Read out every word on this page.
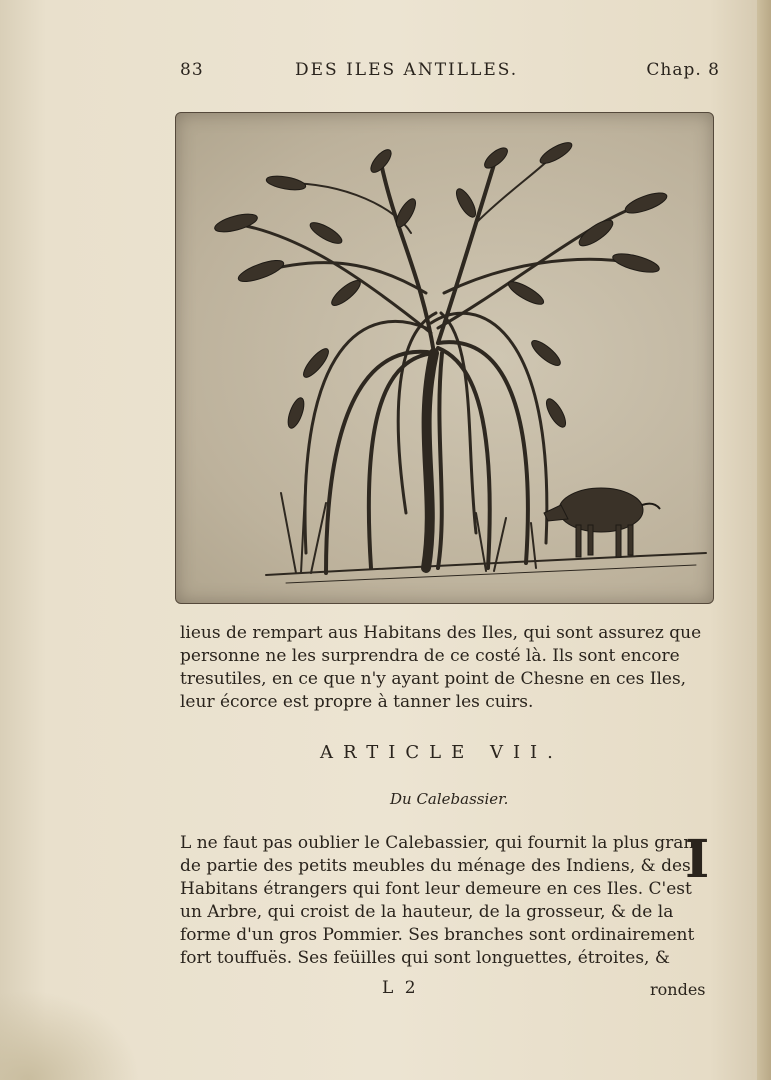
83	DES ILES ANTILLES.	Chap. 8
lieus de rempart aus Habitans des Iles, qui sont assurez que
personne ne les surprendra de ce costé là. Ils sont encore
tresutiles, en ce que n'y ayant point de Chesne en ces Iles,
leur écorce est propre à tanner les cuirs.
ARTICLE VII.
Du Calebassier.
I
L ne faut pas oublier le Calebassier, qui fournit la plus gran-
de partie des petits meubles du ménage des Indiens, & des
Habitans étrangers qui font leur demeure en ces Iles. C'est
un Arbre, qui croist de la hauteur, de la grosseur, & de la
forme d'un gros Pommier. Ses branches sont ordinairement
fort touffuës. Ses feüilles qui sont longuettes, étroites, &
L 2	rondes
